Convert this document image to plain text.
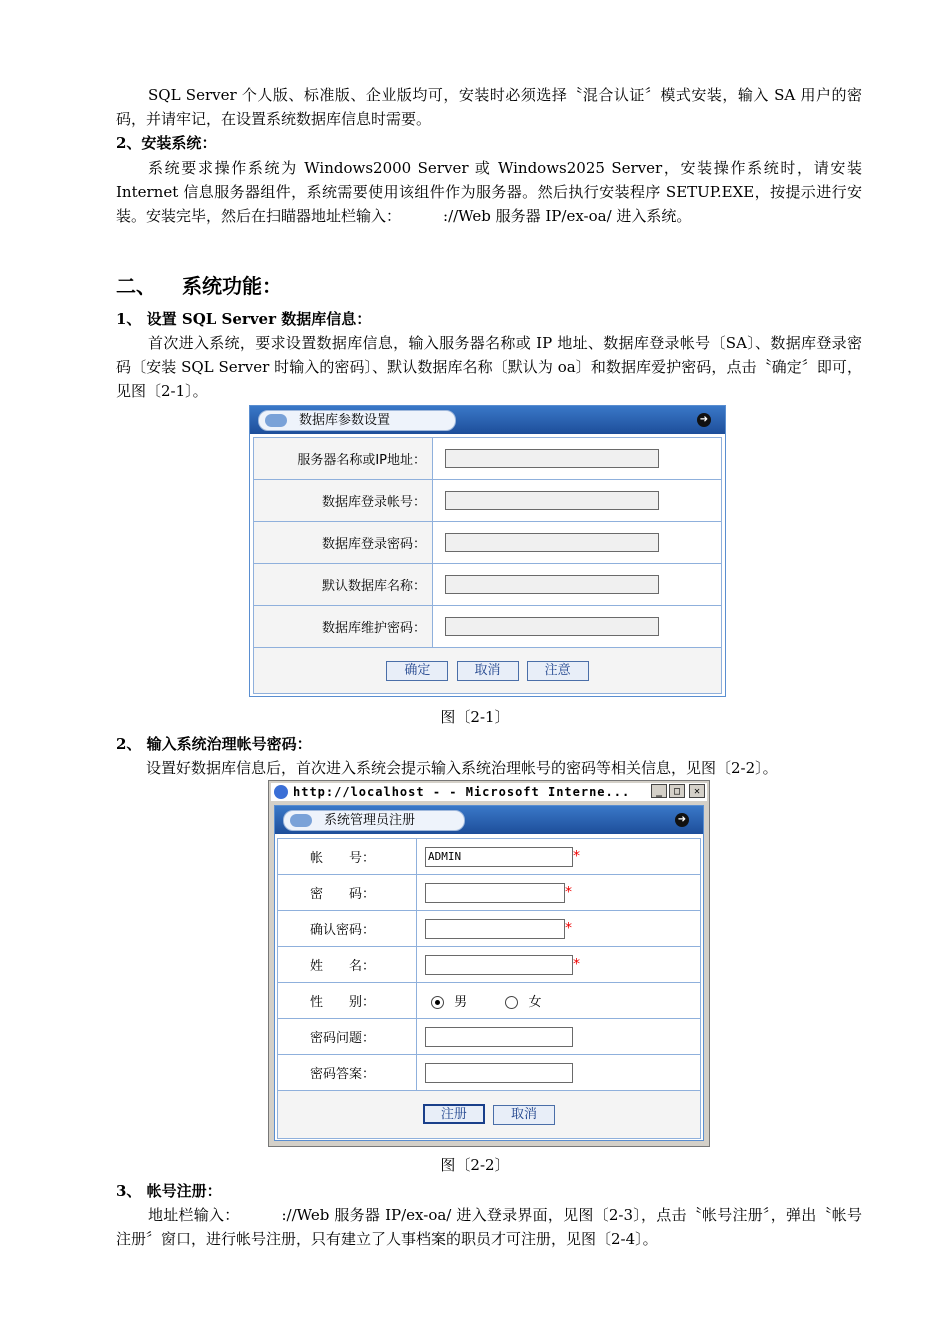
SQL Server 个人版、标准版、企业版均可，安装时必须选择〝混合认证〞模式安装，输入 SA 用户的密码，并请牢记，在设置系统数据库信息时需要。

2、安装系统：

系统要求操作系统为 Windows2000 Server 或 Windows2025 Server，安装操作系统时，请安装 Internet 信息服务器组件，系统需要使用该组件作为服务器。然后执行安装程序 SETUP.EXE，按提示进行安装。安装完毕，然后在扫瞄器地址栏输入：	://Web 服务器 IP/ex-oa/ 进入系统。

二、 系统功能：

1、 设置 SQL Server 数据库信息：

首次进入系统，要求设置数据库信息，输入服务器名称或 IP 地址、数据库登录帐号〔SA〕、数据库登录密码〔安装 SQL Server 时输入的密码〕、默认数据库名称〔默认为 oa〕和数据库爱护密码，点击〝确定〞即可，见图〔2-1〕。

数据库参数设置	➜
服务器名称或IP地址：	

数据库登录帐号：	

数据库登录密码：	

默认数据库名称：	

数据库维护密码：	

确定 取消 注意	
图〔2-1〕

2、 输入系统治理帐号密码：

设置好数据库信息后，首次进入系统会提示输入系统治理帐号的密码等相关信息，见图〔2-2〕。

http://localhost - - Microsoft Interne...	_	□	✕
系统管理员注册	➜
帐　　号：	ADMIN *
密　　码：	*
确认密码：	*
姓　　名：	*
性　　别：	男 女
密码问题：	
密码答案：	
注册 取消	
图〔2-2〕

3、 帐号注册：

地址栏输入：	://Web 服务器 IP/ex-oa/ 进入登录界面，见图〔2-3〕，点击〝帐号注册〞，弹出〝帐号注册〞窗口，进行帐号注册，只有建立了人事档案的职员才可注册，见图〔2-4〕。
